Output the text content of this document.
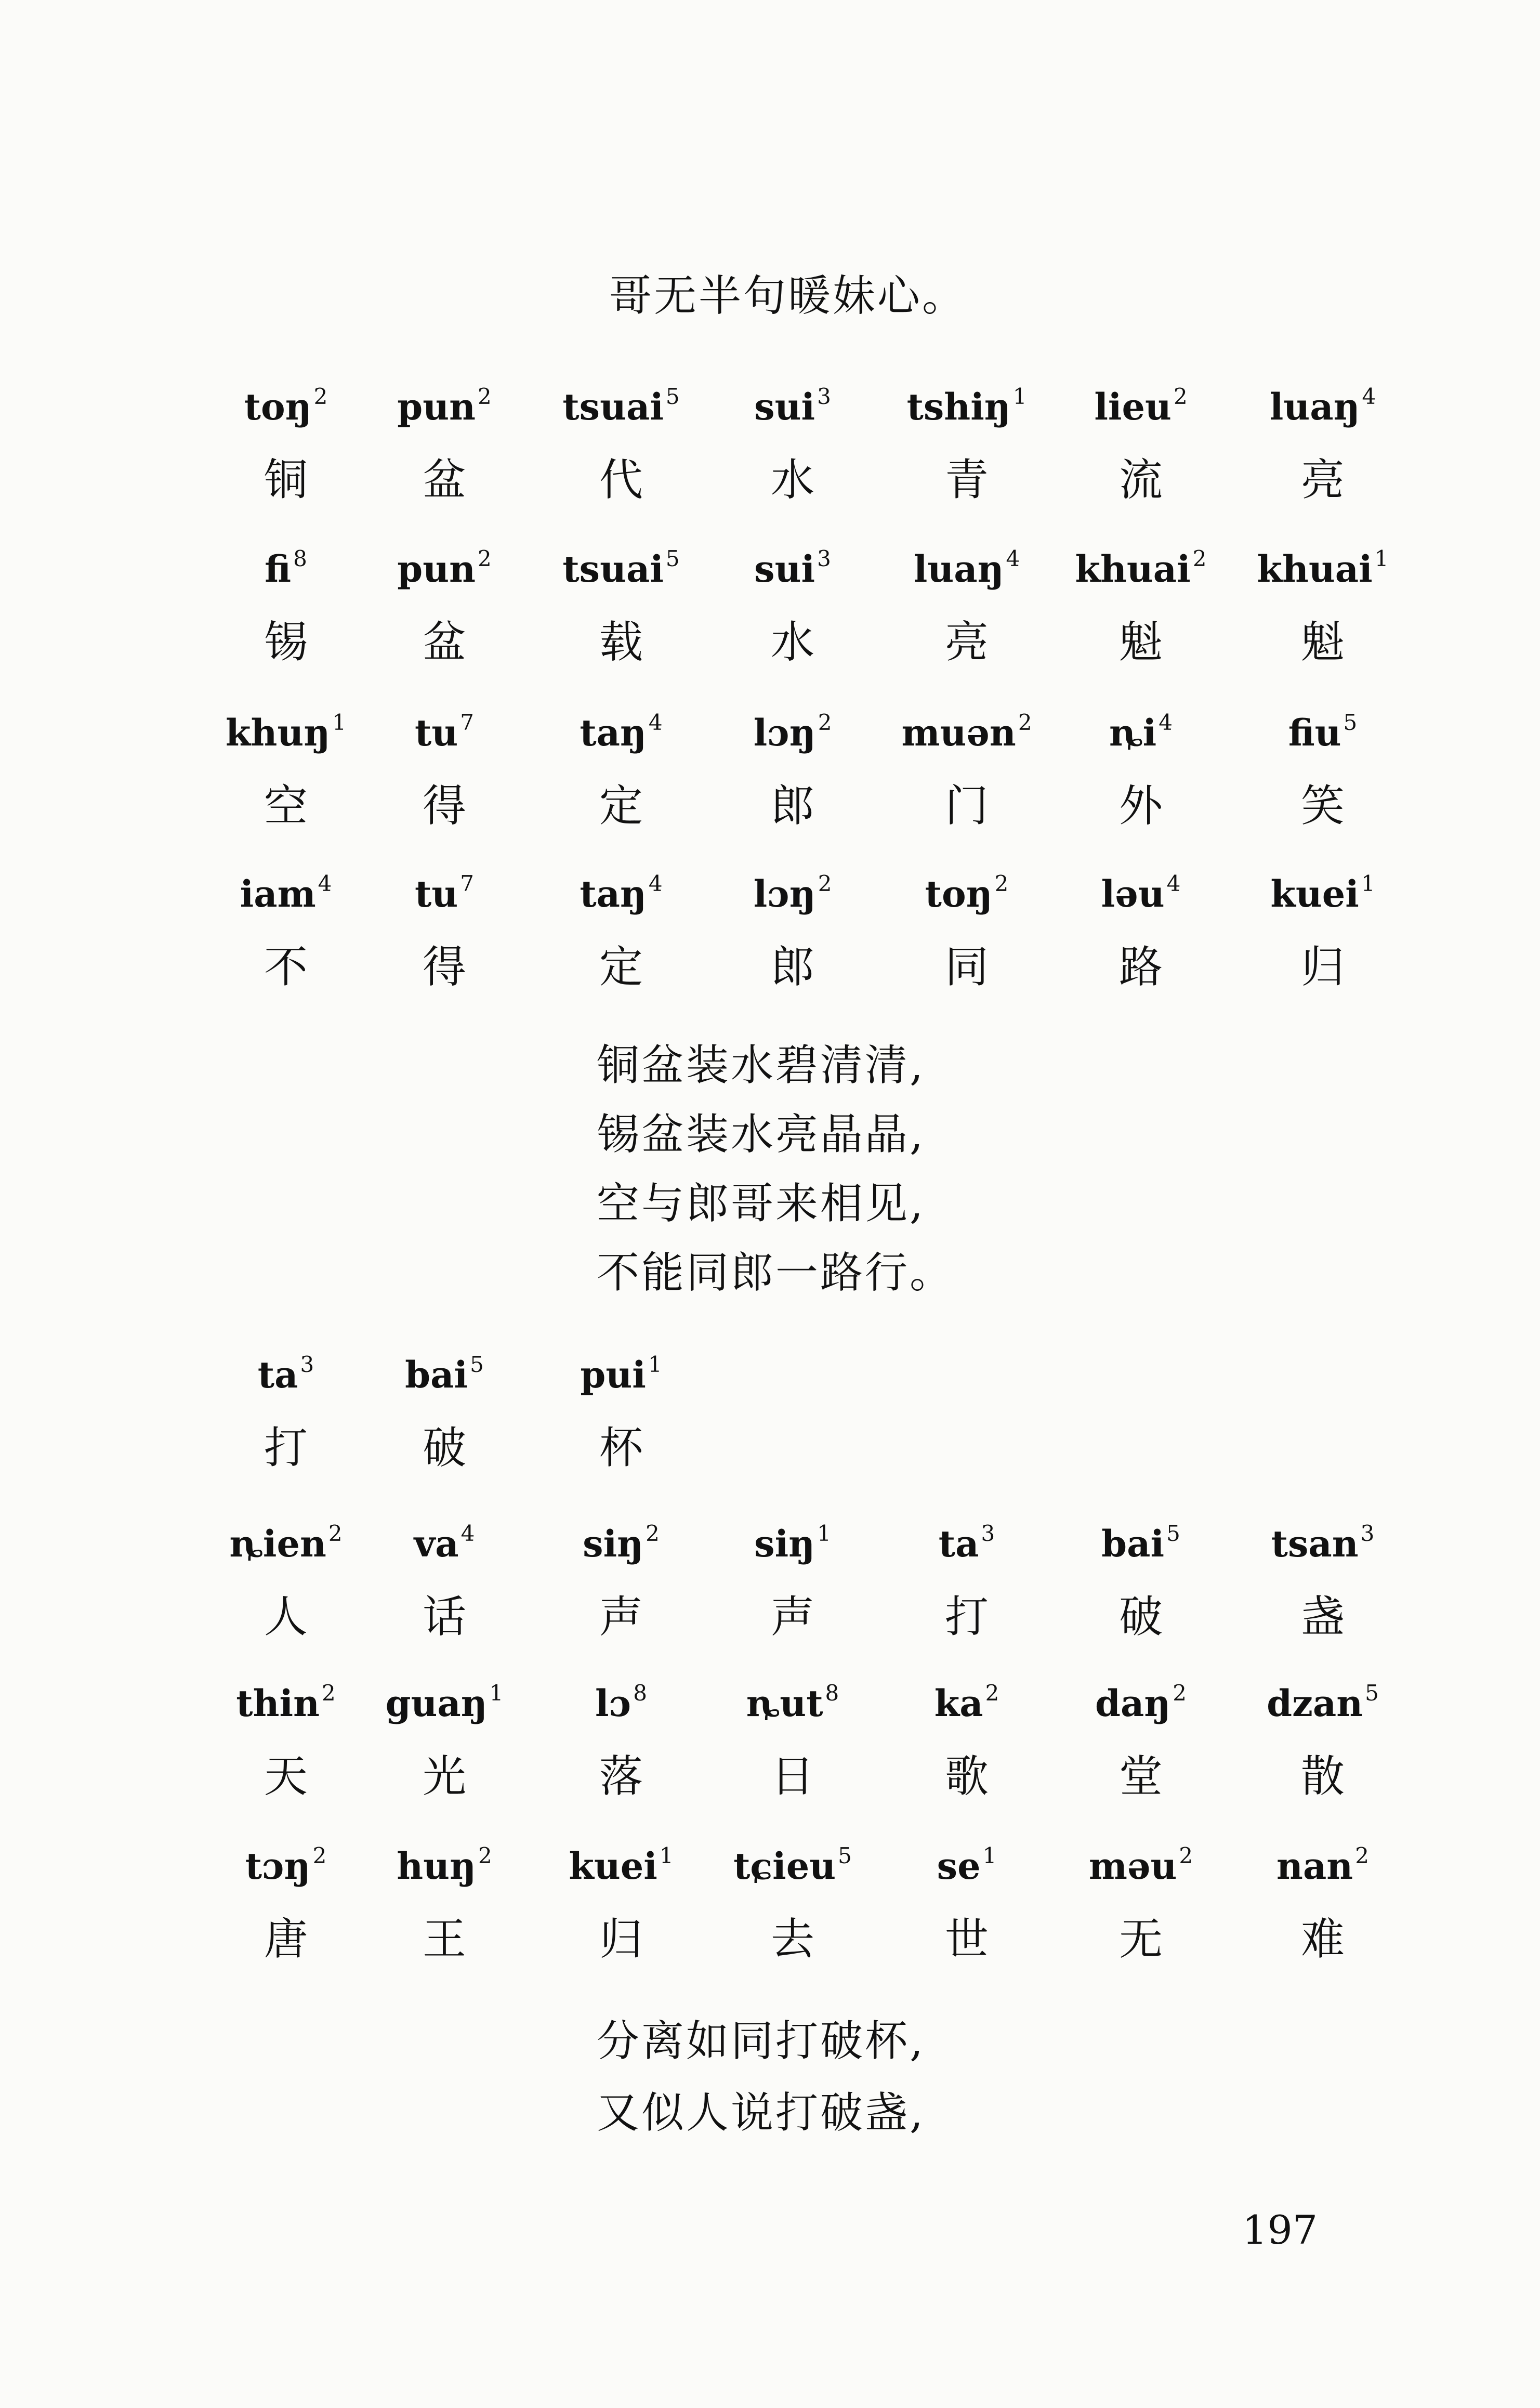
哥无半句暖妹心。
toŋ$^2$
铜
pun$^2$
盆
tsuai$^5$
代
sui$^3$
水
tshiŋ$^1$
青
lieu$^2$
流
luaŋ$^4$
亮
$fi^8$
锡
pun$^2$
盆
tsuai$^5$
载
sui$^3$
水
luaŋ$^4$
亮
khuai$^2$
魁
khuai$^1$
魁
khuŋ$^1$
空
$tu^7$
得
taŋ$^4$
定
lɔŋ$^2$
郎
muən$^2$
门
$ȵi^4$
外
fiu$^5$
笑
iam$^4$
不
$tu^7$
得
taŋ$^4$
定
lɔŋ$^2$
郎
toŋ$^2$
同
ləu$^4$
路
kuei$^1$
归
铜盆装水碧清清,
锡盆装水亮晶晶,
空与郎哥来相见,
不能同郎一路行。
$ta^3$
打
bai$^5$
破
pui$^1$
杯
ȵien$^2$
人
$va^4$
话
siŋ$^2$
声
siŋ$^1$
声
$ta^3$
打
bai$^5$
破
tsan$^3$
盏
thin$^2$
天
guaŋ$^1$
光
lɔ$^8$
落
ȵut$^8$
日
$ka^2$
歌
daŋ$^2$
堂
dzan$^5$
散
tɔŋ$^2$
唐
huŋ$^2$
王
kuei$^1$
归
tɕieu$^5$
去
$se^1$
世
məu$^2$
无
nan$^2$
难
分离如同打破杯,
又似人说打破盏,
197
